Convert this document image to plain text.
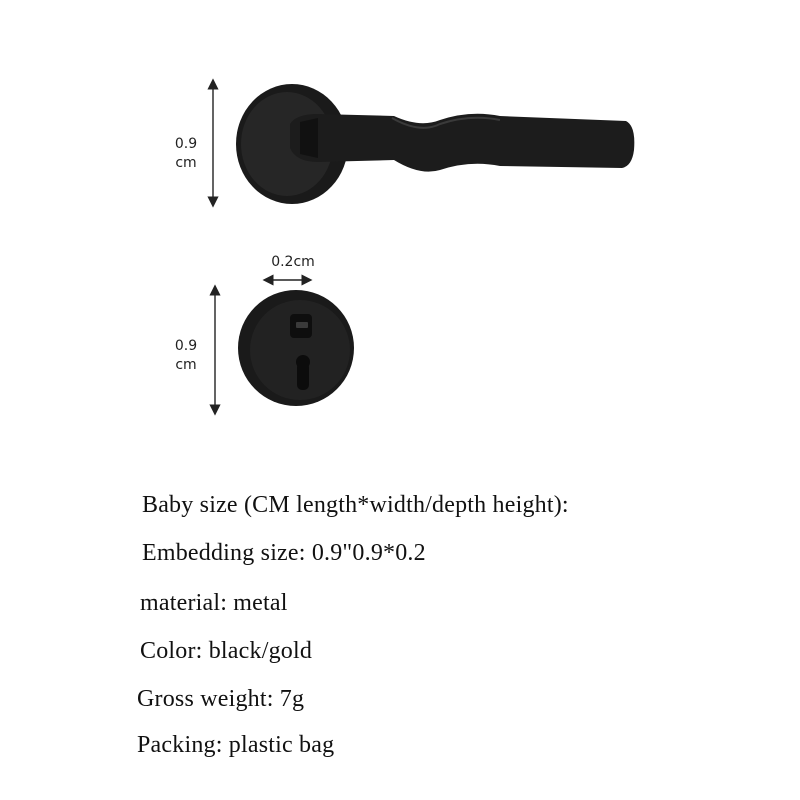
0.9
cm
0.2cm
0.9
cm
Baby size (CM length*width/depth height):
Embedding size: 0.9"0.9*0.2
material: metal
Color: black/gold
Gross weight: 7g
Packing: plastic bag
